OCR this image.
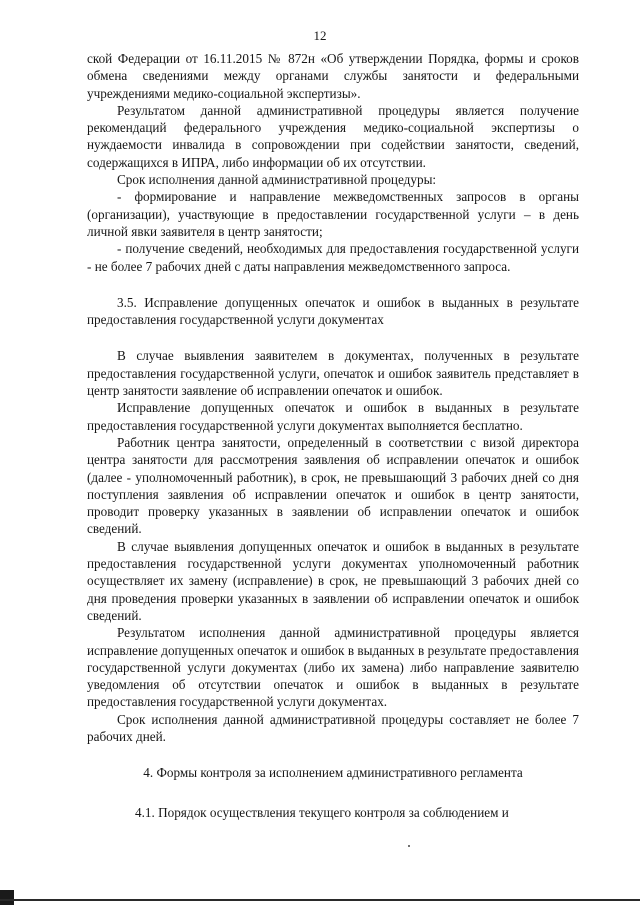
12

ской Федерации от 16.11.2015 № 872н «Об утверждении Порядка, формы и сроков обмена сведениями между органами службы занятости и федеральными учреждениями медико-социальной экспертизы».

Результатом данной административной процедуры является получение рекомендаций федерального учреждения медико-социальной экспертизы о нуждаемости инвалида в сопровождении при содействии занятости, сведений, содержащихся в ИПРА, либо информации об их отсутствии.

Срок исполнения данной административной процедуры:

- формирование и направление межведомственных запросов в органы (организации), участвующие в предоставлении государственной услуги – в день личной явки заявителя в центр занятости;

- получение сведений, необходимых для предоставления государственной услуги - не более 7 рабочих дней с даты направления межведомственного запроса.

3.5. Исправление допущенных опечаток и ошибок в выданных в результате предоставления государственной услуги документах

В случае выявления заявителем в документах, полученных в результате предоставления государственной услуги, опечаток и ошибок заявитель представляет в центр занятости заявление об исправлении опечаток и ошибок.

Исправление допущенных опечаток и ошибок в выданных в результате предоставления государственной услуги документах выполняется бесплатно.

Работник центра занятости, определенный в соответствии с визой директора центра занятости для рассмотрения заявления об исправлении опечаток и ошибок (далее - уполномоченный работник), в срок, не превышающий 3 рабочих дней со дня поступления заявления об исправлении опечаток и ошибок в центр занятости, проводит проверку указанных в заявлении об исправлении опечаток и ошибок сведений.

В случае выявления допущенных опечаток и ошибок в выданных в результате предоставления государственной услуги документах уполномоченный работник осуществляет их замену (исправление) в срок, не превышающий 3 рабочих дней со дня проведения проверки указанных в заявлении об исправлении опечаток и ошибок сведений.

Результатом исполнения данной административной процедуры является исправление допущенных опечаток и ошибок в выданных в результате предоставления государственной услуги документах (либо их замена) либо направление заявителю уведомления об отсутствии опечаток и ошибок в выданных в результате предоставления государственной услуги документах.

Срок исполнения данной административной процедуры составляет не более 7 рабочих дней.

4. Формы контроля за исполнением административного регламента

4.1. Порядок осуществления текущего контроля за соблюдением и
